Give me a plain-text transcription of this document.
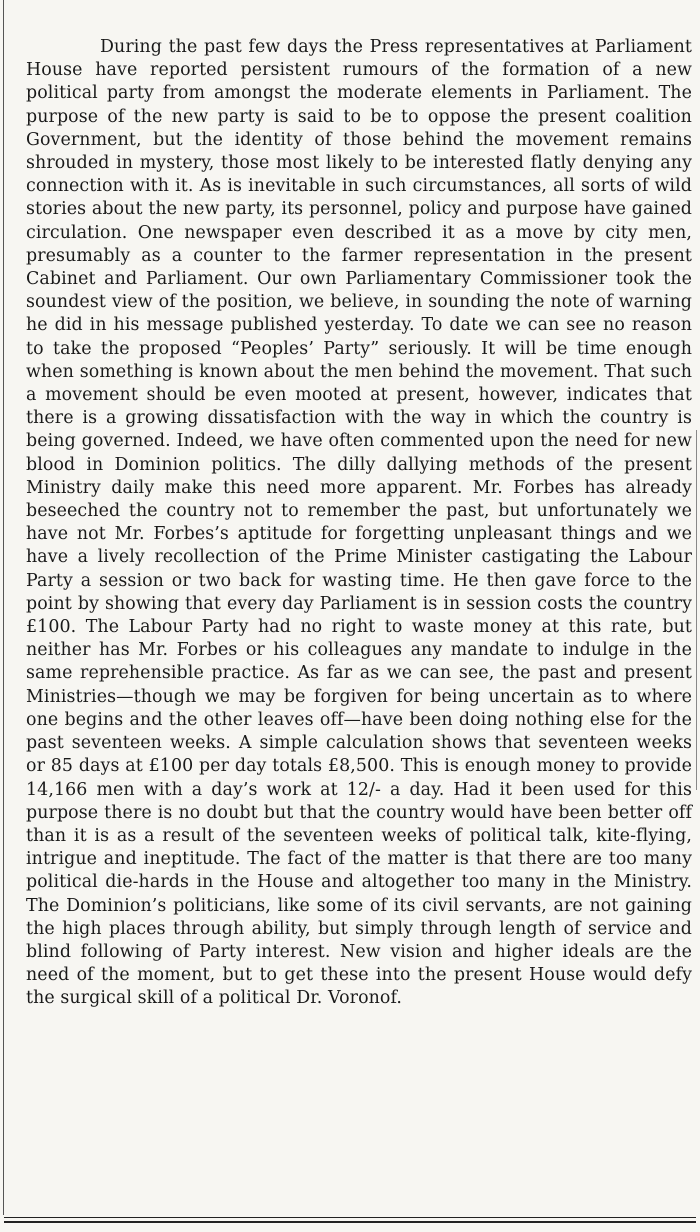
During the past few days the Press representatives at Parliament House have reported persistent rumours of the formation of a new political party from amongst the moderate elements in Parliament. The purpose of the new party is said to be to oppose the present coalition Government, but the identity of those behind the movement remains shrouded in mystery, those most likely to be interested flatly denying any connection with it. As is inevitable in such circumstances, all sorts of wild stories about the new party, its personnel, policy and purpose have gained circulation. One newspaper even described it as a move by city men, presumably as a counter to the farmer representation in the present Cabinet and Parliament. Our own Parliamentary Commissioner took the soundest view of the position, we believe, in sounding the note of warning he did in his message published yesterday. To date we can see no reason to take the proposed “Peoples’ Party” seriously. It will be time enough when something is known about the men behind the movement. That such a movement should be even mooted at present, however, indicates that there is a growing dissatisfaction with the way in which the country is being governed. Indeed, we have often commented upon the need for new blood in Dominion politics. The dilly dallying methods of the present Ministry daily make this need more apparent. Mr. Forbes has already beseeched the country not to remember the past, but unfortunately we have not Mr. Forbes’s aptitude for forgetting unpleasant things and we have a lively recollection of the Prime Minister castigating the Labour Party a session or two back for wasting time. He then gave force to the point by showing that every day Parliament is in session costs the country £100. The Labour Party had no right to waste money at this rate, but neither has Mr. Forbes or his colleagues any mandate to indulge in the same reprehensible practice. As far as we can see, the past and present Ministries—though we may be forgiven for being uncertain as to where one begins and the other leaves off—have been doing nothing else for the past seventeen weeks. A simple calculation shows that seventeen weeks or 85 days at £100 per day totals £8,500. This is enough money to provide 14,166 men with a day’s work at 12/- a day. Had it been used for this purpose there is no doubt but that the country would have been better off than it is as a result of the seventeen weeks of political talk, kite-flying, intrigue and ineptitude. The fact of the matter is that there are too many political die-hards in the House and altogether too many in the Ministry. The Dominion’s politicians, like some of its civil servants, are not gaining the high places through ability, but simply through length of service and blind following of Party interest. New vision and higher ideals are the need of the moment, but to get these into the present House would defy the surgical skill of a political Dr. Voronof.
